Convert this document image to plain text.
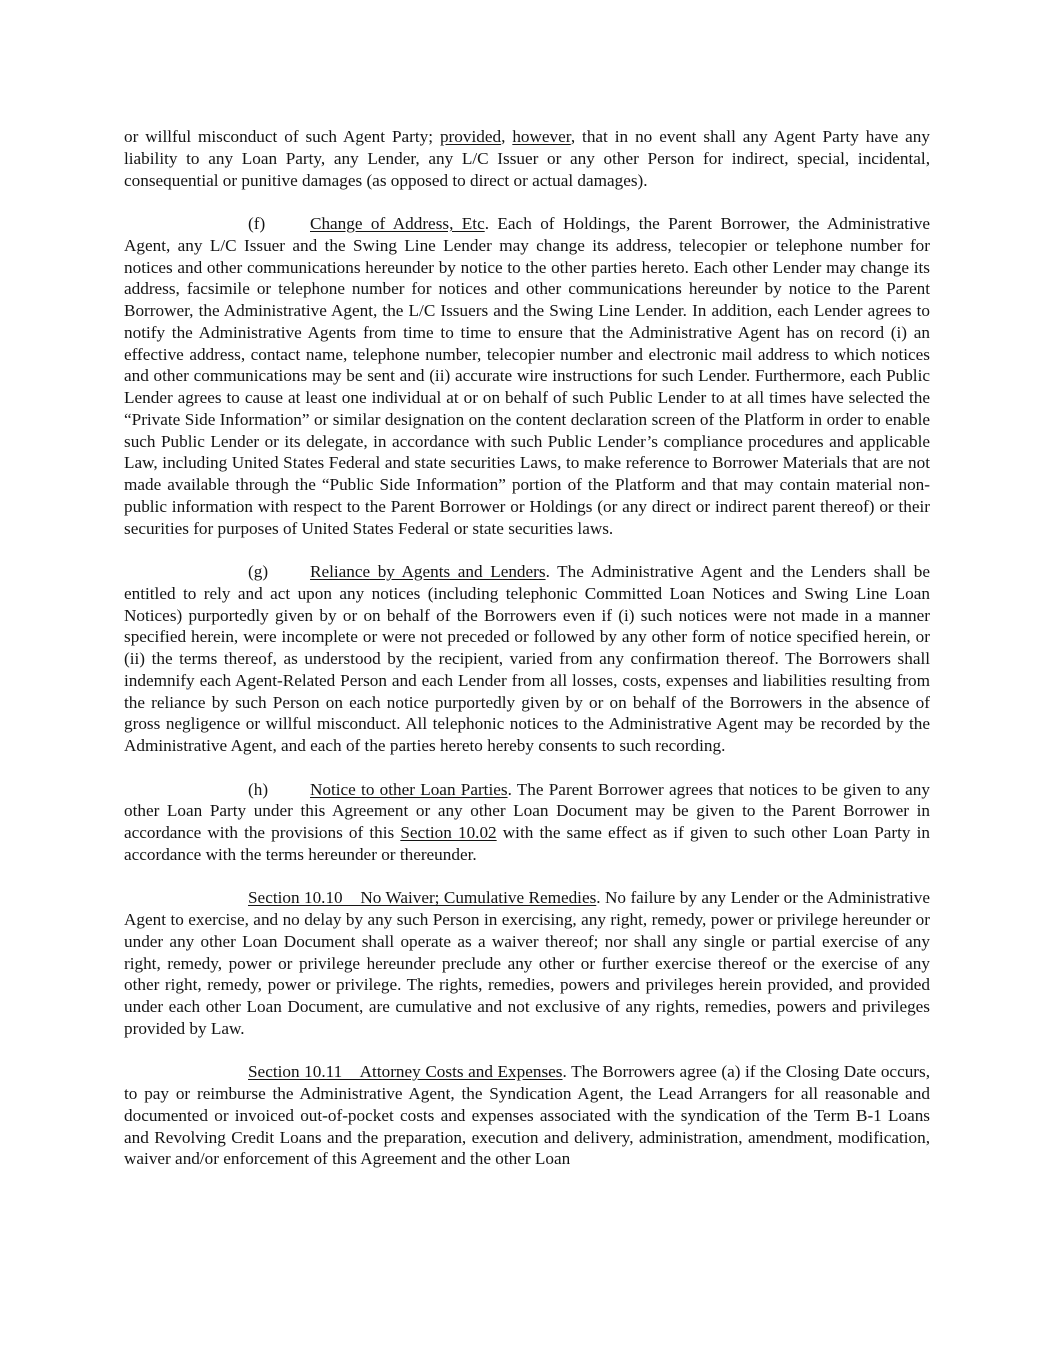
or willful misconduct of such Agent Party; provided, however, that in no event shall any Agent Party have any liability to any Loan Party, any Lender, any L/C Issuer or any other Person for indirect, special, incidental, consequential or punitive damages (as opposed to direct or actual damages).

(f)	Change of Address, Etc. Each of Holdings, the Parent Borrower, the Administrative Agent, any L/C Issuer and the Swing Line Lender may change its address, telecopier or telephone number for notices and other communications hereunder by notice to the other parties hereto. Each other Lender may change its address, facsimile or telephone number for notices and other communications hereunder by notice to the Parent Borrower, the Administrative Agent, the L/C Issuers and the Swing Line Lender. In addition, each Lender agrees to notify the Administrative Agents from time to time to ensure that the Administrative Agent has on record (i) an effective address, contact name, telephone number, telecopier number and electronic mail address to which notices and other communications may be sent and (ii) accurate wire instructions for such Lender. Furthermore, each Public Lender agrees to cause at least one individual at or on behalf of such Public Lender to at all times have selected the “Private Side Information” or similar designation on the content declaration screen of the Platform in order to enable such Public Lender or its delegate, in accordance with such Public Lender’s compliance procedures and applicable Law, including United States Federal and state securities Laws, to make reference to Borrower Materials that are not made available through the “Public Side Information” portion of the Platform and that may contain material non-public information with respect to the Parent Borrower or Holdings (or any direct or indirect parent thereof) or their securities for purposes of United States Federal or state securities laws.

(g) Reliance by Agents and Lenders. The Administrative Agent and the Lenders shall be entitled to rely and act upon any notices (including telephonic Committed Loan Notices and Swing Line Loan Notices) purportedly given by or on behalf of the Borrowers even if (i) such notices were not made in a manner specified herein, were incomplete or were not preceded or followed by any other form of notice specified herein, or (ii) the terms thereof, as understood by the recipient, varied from any confirmation thereof. The Borrowers shall indemnify each Agent-Related Person and each Lender from all losses, costs, expenses and liabilities resulting from the reliance by such Person on each notice purportedly given by or on behalf of the Borrowers in the absence of gross negligence or willful misconduct. All telephonic notices to the Administrative Agent may be recorded by the Administrative Agent, and each of the parties hereto hereby consents to such recording.

(h) Notice to other Loan Parties. The Parent Borrower agrees that notices to be given to any other Loan Party under this Agreement or any other Loan Document may be given to the Parent Borrower in accordance with the provisions of this Section 10.02 with the same effect as if given to such other Loan Party in accordance with the terms hereunder or thereunder.

Section 10.10    No Waiver; Cumulative Remedies. No failure by any Lender or the Administrative Agent to exercise, and no delay by any such Person in exercising, any right, remedy, power or privilege hereunder or under any other Loan Document shall operate as a waiver thereof; nor shall any single or partial exercise of any right, remedy, power or privilege hereunder preclude any other or further exercise thereof or the exercise of any other right, remedy, power or privilege. The rights, remedies, powers and privileges herein provided, and provided under each other Loan Document, are cumulative and not exclusive of any rights, remedies, powers and privileges provided by Law.

Section 10.11    Attorney Costs and Expenses. The Borrowers agree (a) if the Closing Date occurs, to pay or reimburse the Administrative Agent, the Syndication Agent, the Lead Arrangers for all reasonable and documented or invoiced out-of-pocket costs and expenses associated with the syndication of the Term B-1 Loans and Revolving Credit Loans and the preparation, execution and delivery, administration, amendment, modification, waiver and/or enforcement of this Agreement and the other Loan
